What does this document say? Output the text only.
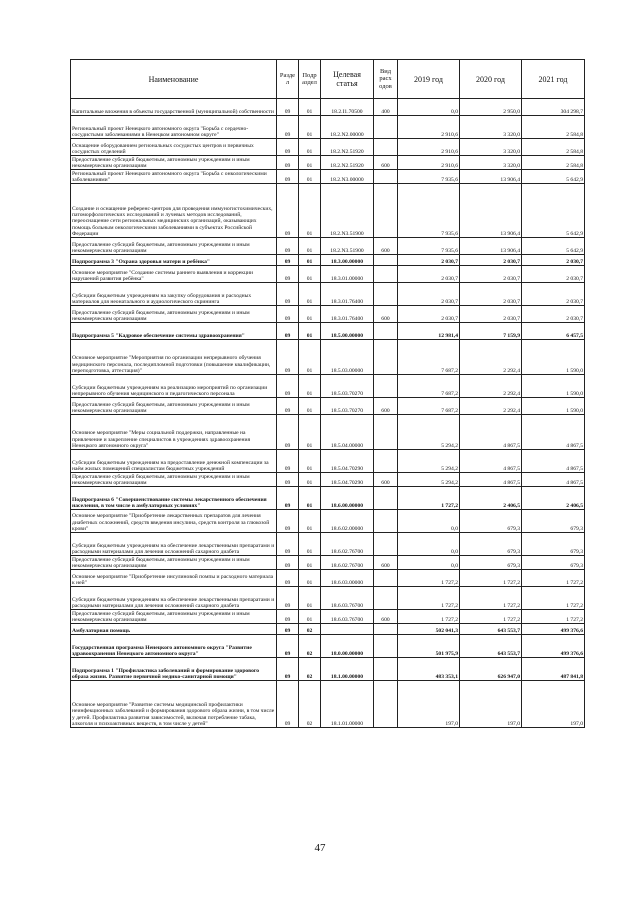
Наименование	Разде л	Подр аздел	Целевая статья	Вид расх одов	2019 год	2020 год	2021 год
Капитальные вложения в объекты государственной (муниципальной) собственности	09	01	18.2.I1.70500	400	0,0	2 950,0	304 298,7
Региональный проект Ненецкого автономного округа "Борьба с сердечно-сосудистыми заболеваниями в Ненецком автономном округе"	09	01	18.2.N2.00000		2 910,6	3 320,0	2 584,8
Оснащение оборудованием региональных сосудистых центров и первичных сосудистых отделений	09	01	18.2.N2.51920		2 910,6	3 320,0	2 584,8
Предоставление субсидий бюджетным, автономным учреждениям и иным некоммерческим организациям	09	01	18.2.N2.51920	600	2 910,6	3 320,0	2 584,8
Региональный проект Ненецкого автономного округа "Борьба с онкологическими заболеваниями"	09	01	18.2.N3.00000		7 935,6	13 906,4	5 642,9
Создание и оснащение референс-центров для проведения иммуногистохимических, патоморфологических исследований и лучевых методов исследований, переоснащение сети региональных медицинских организаций, оказывающих помощь больным онкологическими заболеваниями в субъектах Российской Федерации	09	01	18.2.N3.51900		7 935,6	13 906,4	5 642,9
Предоставление субсидий бюджетным, автономным учреждениям и иным некоммерческим организациям	09	01	18.2.N3.51900	600	7 935,6	13 906,4	5 642,9
Подпрограмма 3 "Охрана здоровья матери и ребёнка"	09	01	18.3.00.00000		2 030,7	2 030,7	2 030,7
Основное мероприятие "Создание системы раннего выявления и коррекции нарушений развития ребёнка"	09	01	18.3.01.00000		2 030,7	2 030,7	2 030,7
Субсидии бюджетным учреждениям на закупку оборудования и расходных материалов для неонатального и аудиологического скрининга	09	01	18.3.01.76400		2 030,7	2 030,7	2 030,7
Предоставление субсидий бюджетным, автономным учреждениям и иным некоммерческим организациям	09	01	18.3.01.76400	600	2 030,7	2 030,7	2 030,7
Подпрограмма 5 "Кадровое обеспечение системы здравоохранения"	09	01	18.5.00.00000		12 981,4	7 159,9	6 457,5
Основное мероприятие "Мероприятия по организации непрерывного обучения медицинского персонала, последипломной подготовки (повышение квалификации, переподготовка, аттестация)"	09	01	18.5.03.00000		7 687,2	2 292,4	1 590,0
Субсидии бюджетным учреждениям на реализацию мероприятий по организации непрерывного обучения медицинского и педагогического персонала	09	01	18.5.03.70270		7 687,2	2 292,4	1 590,0
Предоставление субсидий бюджетным, автономным учреждениям и иным некоммерческим организациям	09	01	18.5.03.70270	600	7 687,2	2 292,4	1 590,0
Основное мероприятие "Меры социальной поддержки, направленные на привлечение и закрепление специалистов в учреждениях здравоохранения Ненецкого автономного округа"	09	01	18.5.04.00000		5 294,2	4 867,5	4 867,5
Субсидии бюджетным учреждениям на предоставление денежной компенсации за наём жилых помещений специалистам бюджетных учреждений	09	01	18.5.04.70290		5 294,2	4 867,5	4 867,5
Предоставление субсидий бюджетным, автономным учреждениям и иным некоммерческим организациям	09	01	18.5.04.70290	600	5 294,2	4 867,5	4 867,5
Подпрограмма 6 "Совершенствование системы лекарственного обеспечения населения, в том числе в амбулаторных условиях"	09	01	18.6.00.00000		1 727,2	2 406,5	2 406,5
Основное мероприятие "Приобретение лекарственных препаратов для лечения диабетных осложнений, средств введения инсулина, средств контроля за глюкозой крови"	09	01	18.6.02.00000		0,0	679,3	679,3
Субсидии бюджетным учреждениям на обеспечение лекарственными препаратами и расходными материалами для лечения осложнений сахарного диабета	09	01	18.6.02.76700		0,0	679,3	679,3
Предоставление субсидий бюджетным, автономным учреждениям и иным некоммерческим организациям	09	01	18.6.02.76700	600	0,0	679,3	679,3
Основное мероприятие "Приобретение инсулиновой помпы и расходного материала к ней"	09	01	18.6.03.00000		1 727,2	1 727,2	1 727,2
Субсидии бюджетным учреждениям на обеспечение лекарственными препаратами и расходными материалами для лечения осложнений сахарного диабета	09	01	18.6.03.76700		1 727,2	1 727,2	1 727,2
Предоставление субсидий бюджетным, автономным учреждениям и иным некоммерческим организациям	09	01	18.6.03.76700	600	1 727,2	1 727,2	1 727,2
Амбулаторная помощь	09	02			502 041,3	643 553,7	499 376,6
Государственная программа Ненецкого автономного округа "Развитие здравоохранения Ненецкого автономного округа"	09	02	18.0.00.00000		501 975,9	643 553,7	499 376,6
Подпрограмма 1 "Профилактика заболеваний и формирование здорового образа жизни. Развитие первичной медико-санитарной помощи"	09	02	18.1.00.00000		483 353,1	626 947,0	487 841,8
Основное мероприятие "Развитие системы медицинской профилактики неинфекционных заболеваний и формирования здорового образа жизни, в том числе у детей. Профилактика развития зависимостей, включая потребление табака, алкоголя и психоактивных веществ, в том числе у детей"	09	02	18.1.01.00000		197,0	197,0	197,0
47
